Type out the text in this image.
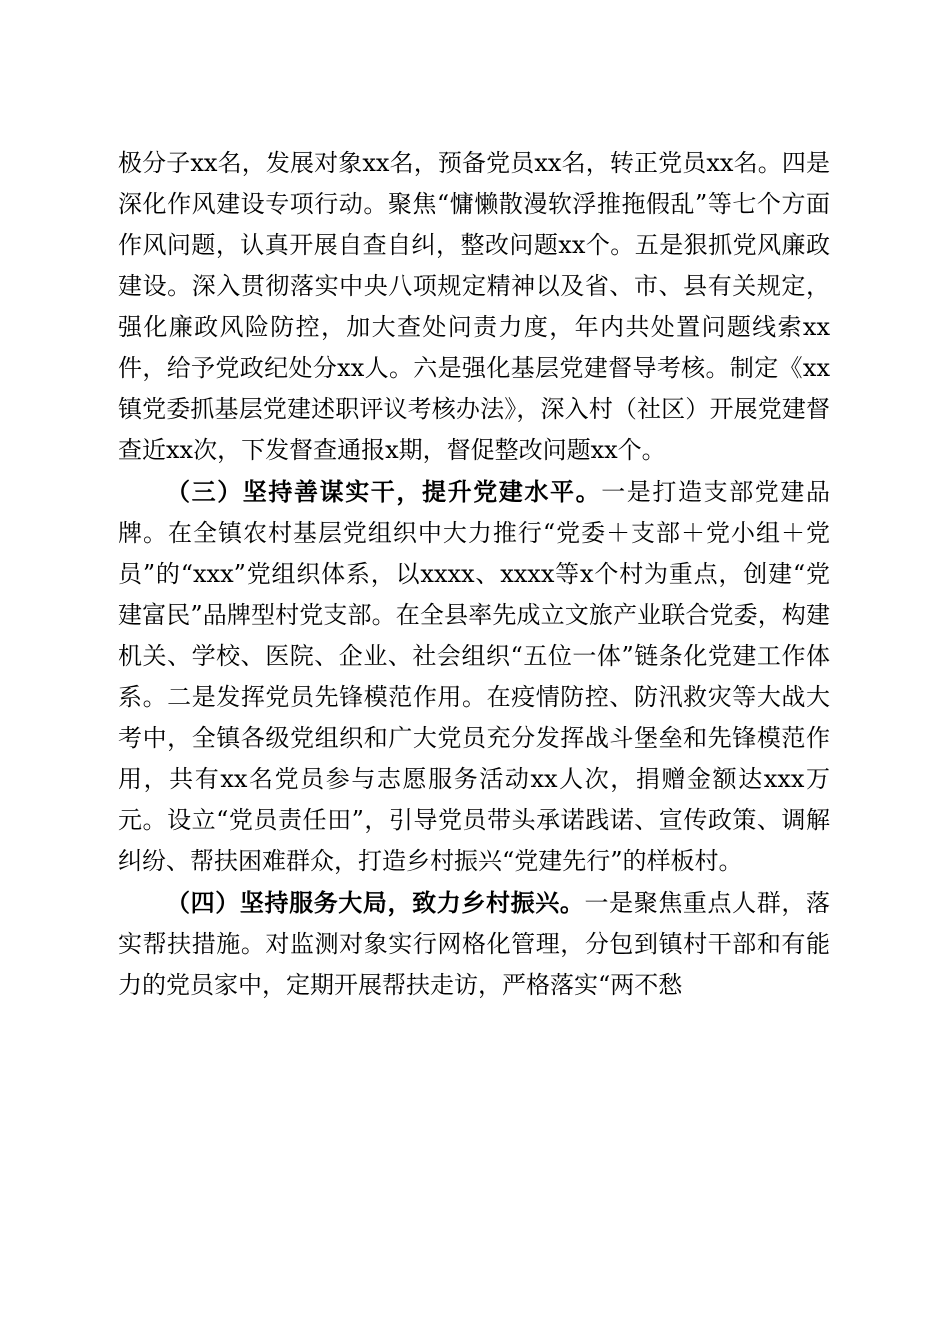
极分子xx名，发展对象xx名，预备党员xx名，转正党员xx名。四是深化作风建设专项行动。聚焦“慵懒散漫软浮推拖假乱”等七个方面作风问题，认真开展自查自纠，整改问题xx个。五是狠抓党风廉政建设。深入贯彻落实中央八项规定精神以及省、市、县有关规定，强化廉政风险防控，加大查处问责力度，年内共处置问题线索xx件，给予党政纪处分xx人。六是强化基层党建督导考核。制定《xx镇党委抓基层党建述职评议考核办法》，深入村（社区）开展党建督查近xx次，下发督查通报x期，督促整改问题xx个。

（三）坚持善谋实干，提升党建水平。一是打造支部党建品牌。在全镇农村基层党组织中大力推行“党委＋支部＋党小组＋党员”的“xxx”党组织体系，以xxxx、xxxx等x个村为重点，创建“党建富民”品牌型村党支部。在全县率先成立文旅产业联合党委，构建机关、学校、医院、企业、社会组织“五位一体”链条化党建工作体系。二是发挥党员先锋模范作用。在疫情防控、防汛救灾等大战大考中，全镇各级党组织和广大党员充分发挥战斗堡垒和先锋模范作用，共有xx名党员参与志愿服务活动xx人次，捐赠金额达xxx万元。设立“党员责任田”，引导党员带头承诺践诺、宣传政策、调解纠纷、帮扶困难群众，打造乡村振兴“党建先行”的样板村。

（四）坚持服务大局，致力乡村振兴。一是聚焦重点人群，落实帮扶措施。对监测对象实行网格化管理，分包到镇村干部和有能力的党员家中，定期开展帮扶走访，严格落实“两不愁
